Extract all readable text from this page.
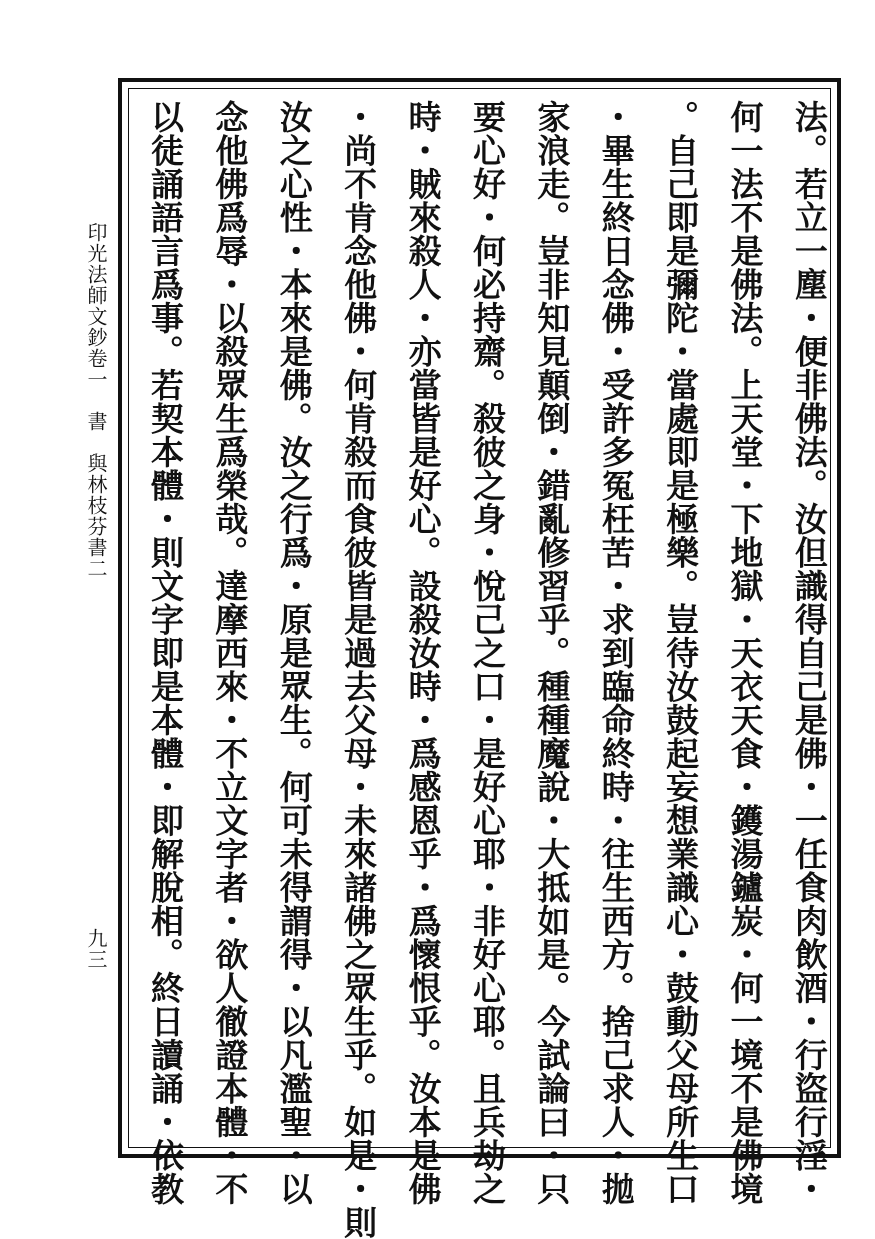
印光法師文鈔卷一　書　與林枝芬書二
九三	法。若立一塵・便非佛法。汝但識得自己是佛・一任食肉飲酒・行盜行淫・
何一法不是佛法。上天堂・下地獄・天衣天食・鑊湯鑪炭・何一境不是佛境
。自己即是彌陀・當處即是極樂。豈待汝鼓起妄想業識心・鼓動父母所生口
・畢生終日念佛・受許多冤枉苦・求到臨命終時・往生西方。捨己求人・拋
家浪走。豈非知見顛倒・錯亂修習乎。種種魔說・大抵如是。今試論曰・只
要心好・何必持齋。殺彼之身・悅己之口・是好心耶・非好心耶。且兵劫之
時・賊來殺人・亦當皆是好心。設殺汝時・爲感恩乎・爲懷恨乎。汝本是佛
・尚不肯念他佛・何肯殺而食彼皆是過去父母・未來諸佛之眾生乎。如是・則
汝之心性・本來是佛。汝之行爲・原是眾生。何可未得謂得・以凡濫聖・以
念他佛爲辱・以殺眾生爲榮哉。達摩西來・不立文字者・欲人徹證本體・不
以徒誦語言爲事。若契本體・則文字即是本體・即解脫相。終日讀誦・依教
